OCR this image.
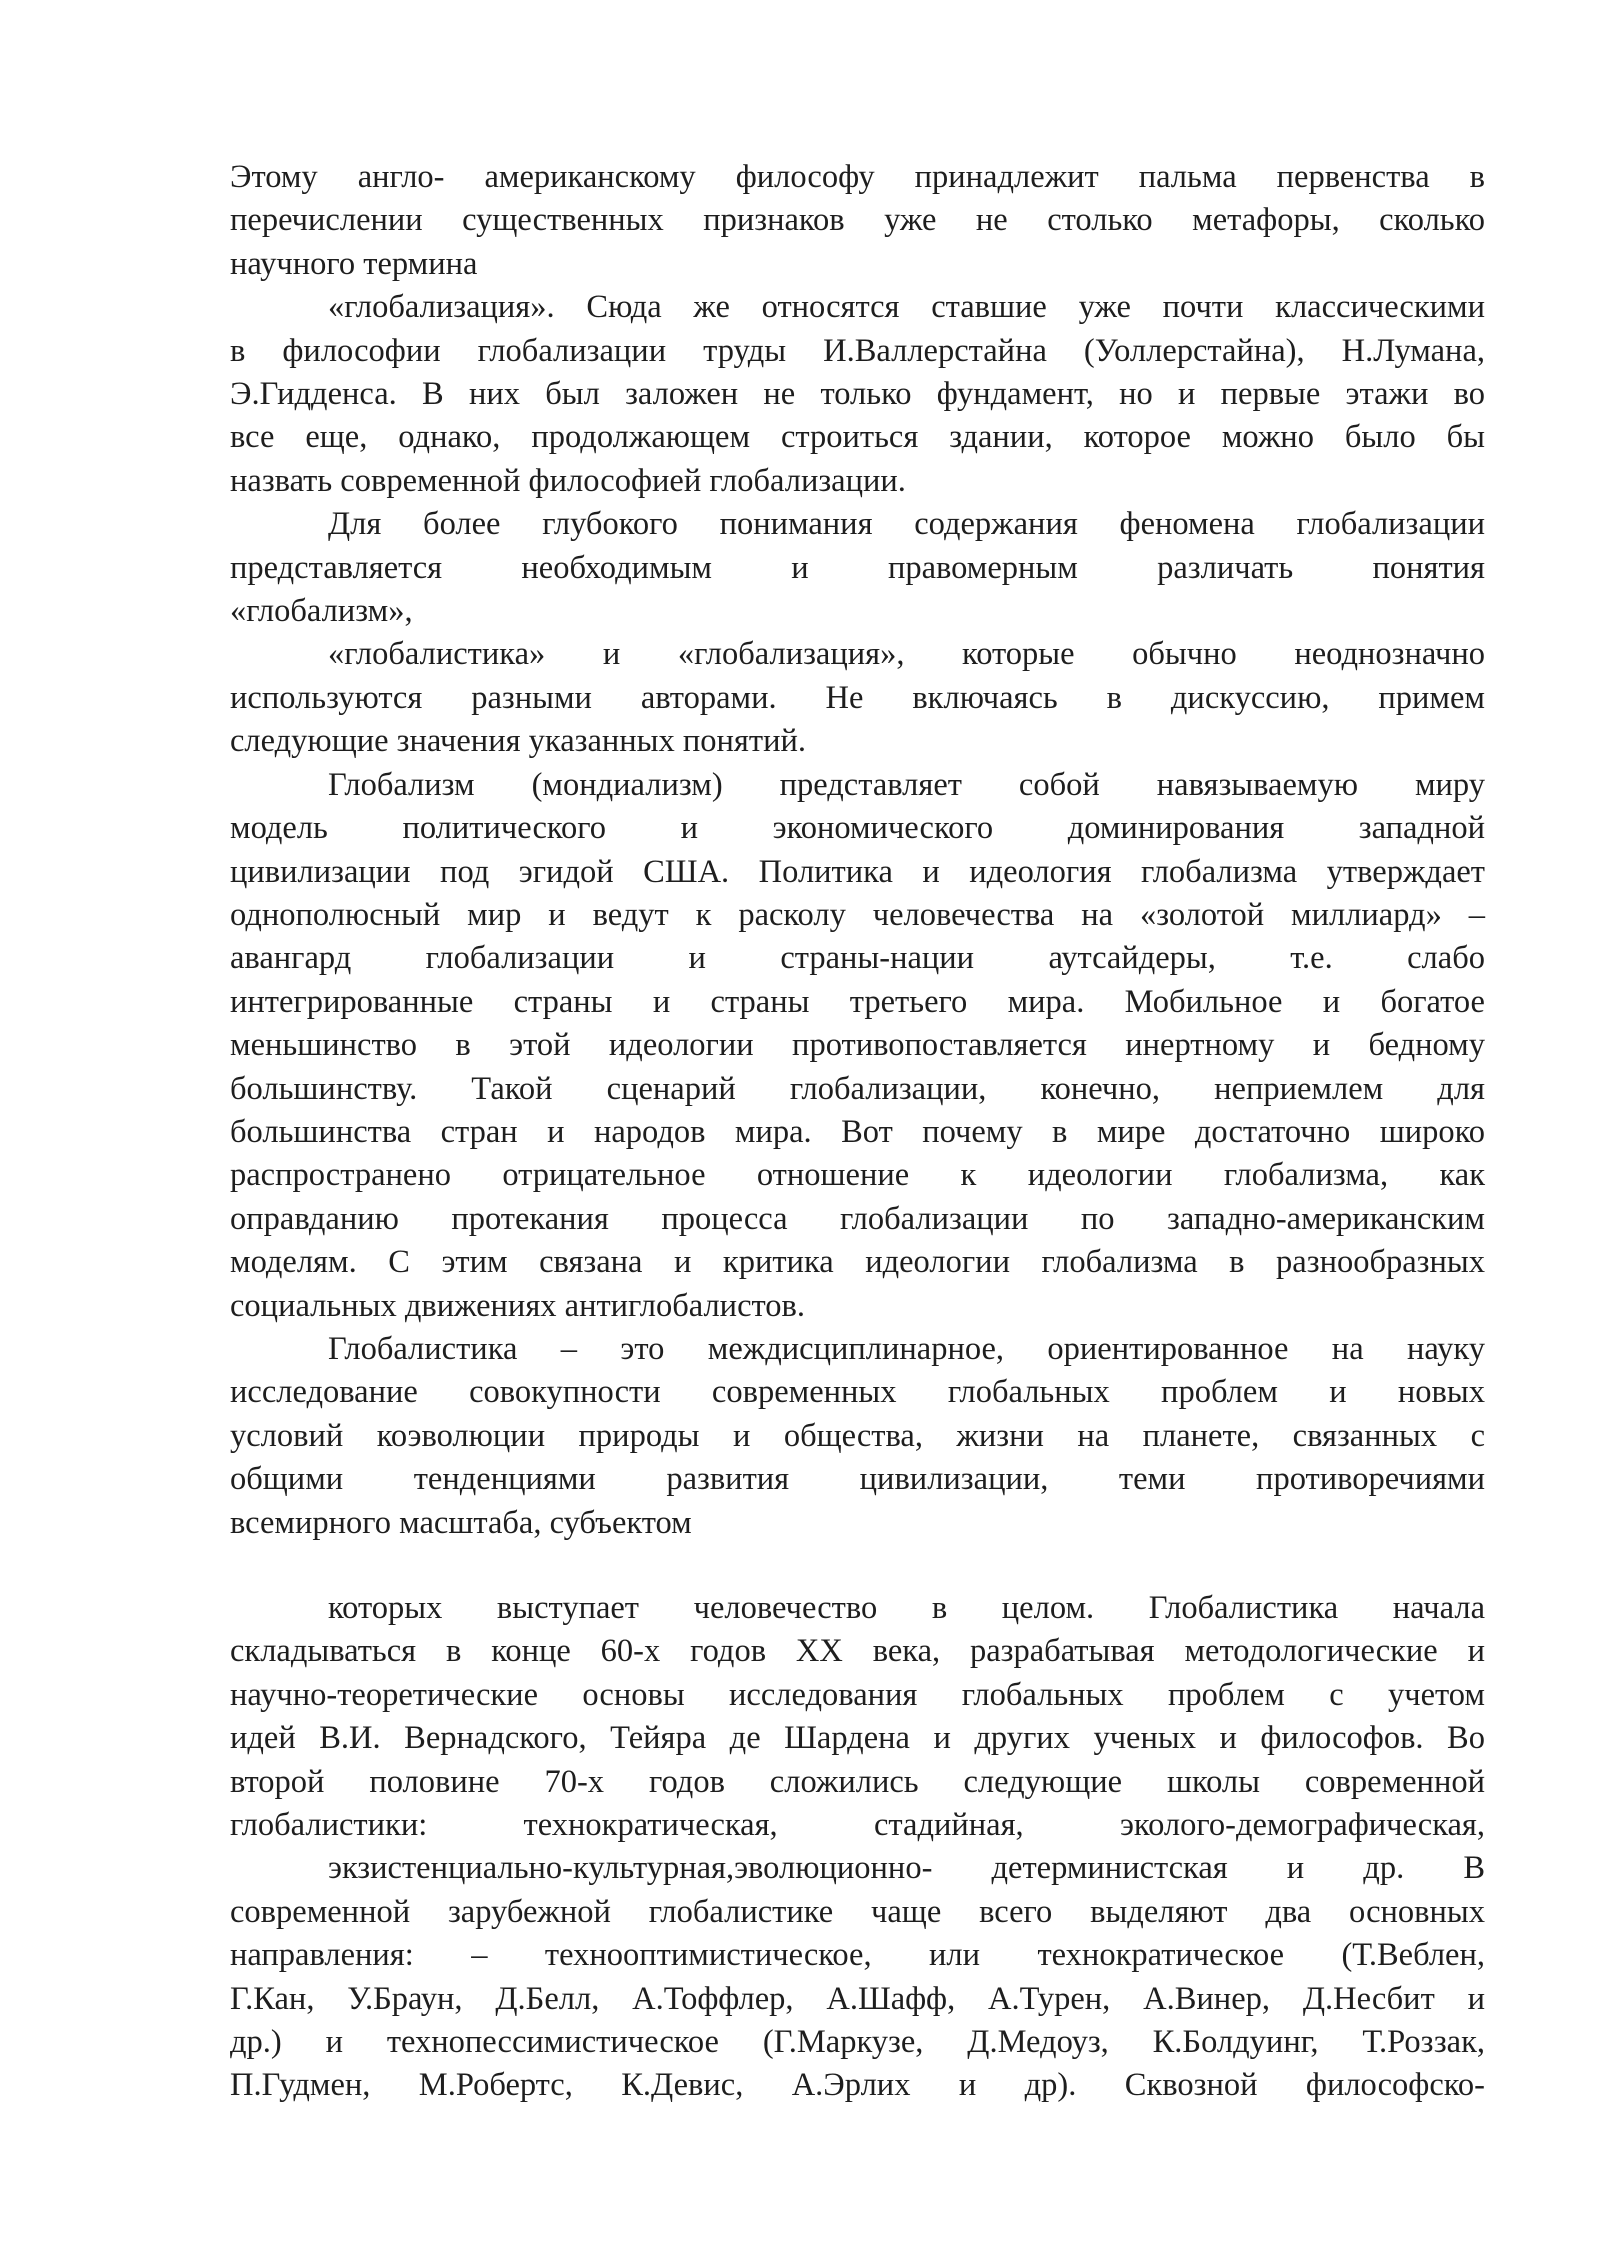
Этому англо- американскому философу принадлежит пальма первенства в

перечислении существенных признаков уже не столько метафоры, сколько

научного термина

«глобализация». Сюда же относятся ставшие уже почти классическими

в философии глобализации труды И.Валлерстайна (Уоллерстайна), Н.Лумана,

Э.Гидденса. В них был заложен не только фундамент, но и первые этажи во

все еще, однако, продолжающем строиться здании, которое можно было бы

назвать современной философией глобализации.

Для более глубокого понимания содержания феномена глобализации

представляется необходимым и правомерным различать понятия

«глобализм»,

«глобалистика» и «глобализация», которые обычно неоднозначно

используются разными авторами. Не включаясь в дискуссию, примем

следующие значения указанных понятий.

Глобализм (мондиализм) представляет собой навязываемую миру

модель политического и экономического доминирования западной

цивилизации под эгидой США. Политика и идеология глобализма утверждает

однополюсный мир и ведут к расколу человечества на «золотой миллиард» –

авангард глобализации и страны-нации аутсайдеры, т.е. слабо

интегрированные страны и страны третьего мира. Мобильное и богатое

меньшинство в этой идеологии противопоставляется инертному и бедному

большинству. Такой сценарий глобализации, конечно, неприемлем для

большинства стран и народов мира. Вот почему в мире достаточно широко

распространено отрицательное отношение к идеологии глобализма, как

оправданию протекания процесса глобализации по западно-американским

моделям. С этим связана и критика идеологии глобализма в разнообразных

социальных движениях антиглобалистов.

Глобалистика – это междисциплинарное, ориентированное на науку

исследование совокупности современных глобальных проблем и новых

условий коэволюции природы и общества, жизни на планете, связанных с

общими тенденциями развития цивилизации, теми противоречиями

всемирного масштаба, субъектом

которых выступает человечество в целом. Глобалистика начала

складываться в конце 60-х годов XX века, разрабатывая методологические и

научно-теоретические основы исследования глобальных проблем с учетом

идей В.И. Вернадского, Тейяра де Шардена и других ученых и философов. Во

второй половине 70-х годов сложились следующие школы современной

глобалистики: технократическая, стадийная, эколого-демографическая,

экзистенциально-культурная,эволюционно- детерминистская и др. В

современной зарубежной глобалистике чаще всего выделяют два основных

направления: – технооптимистическое, или технократическое (Т.Веблен,

Г.Кан, У.Браун, Д.Белл, А.Тоффлер, А.Шафф, А.Турен, А.Винер, Д.Несбит и

др.) и технопессимистическое (Г.Маркузе, Д.Медоуз, К.Болдуинг, Т.Роззак,

П.Гудмен, М.Робертс, К.Девис, А.Эрлих и др). Сквозной философско-
